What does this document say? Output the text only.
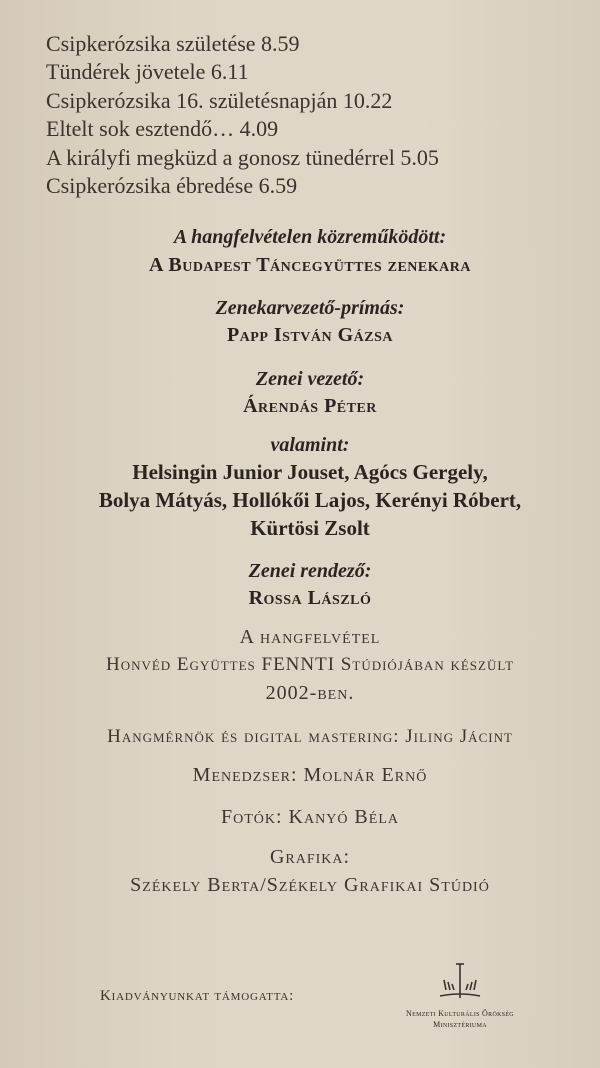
Csipkerózsika születése 8.59
Tündérek jövetele 6.11
Csipkerózsika 16. születésnapján 10.22
Eltelt sok esztendő… 4.09
A királyfi megküzd a gonosz tünedérrel 5.05
Csipkerózsika ébredése 6.59
A hangfelvételen közreműködött:
A Budapest Táncegyüttes zenekara
Zenekarvezető-prímás:
Papp István Gázsa
Zenei vezető:
Árendás Péter
valamint:
Helsingin Junior Jouset, Agócs Gergely,
Bolya Mátyás, Hollókői Lajos, Kerényi Róbert,
Kürtösi Zsolt
Zenei rendező:
Rossa László
A hangfelvétel
Honvéd Együttes FENNTI Stúdiójában készült
2002-ben.
Hangmérnök és digital mastering: Jiling Jácint
Menedzser: Molnár Ernő
Fotók: Kanyó Béla
Grafika:
Székely Berta/Székely Grafikai Stúdió
Kiadványunkat támogatta:
Nemzeti Kulturális Örökség
Minisztériuma
